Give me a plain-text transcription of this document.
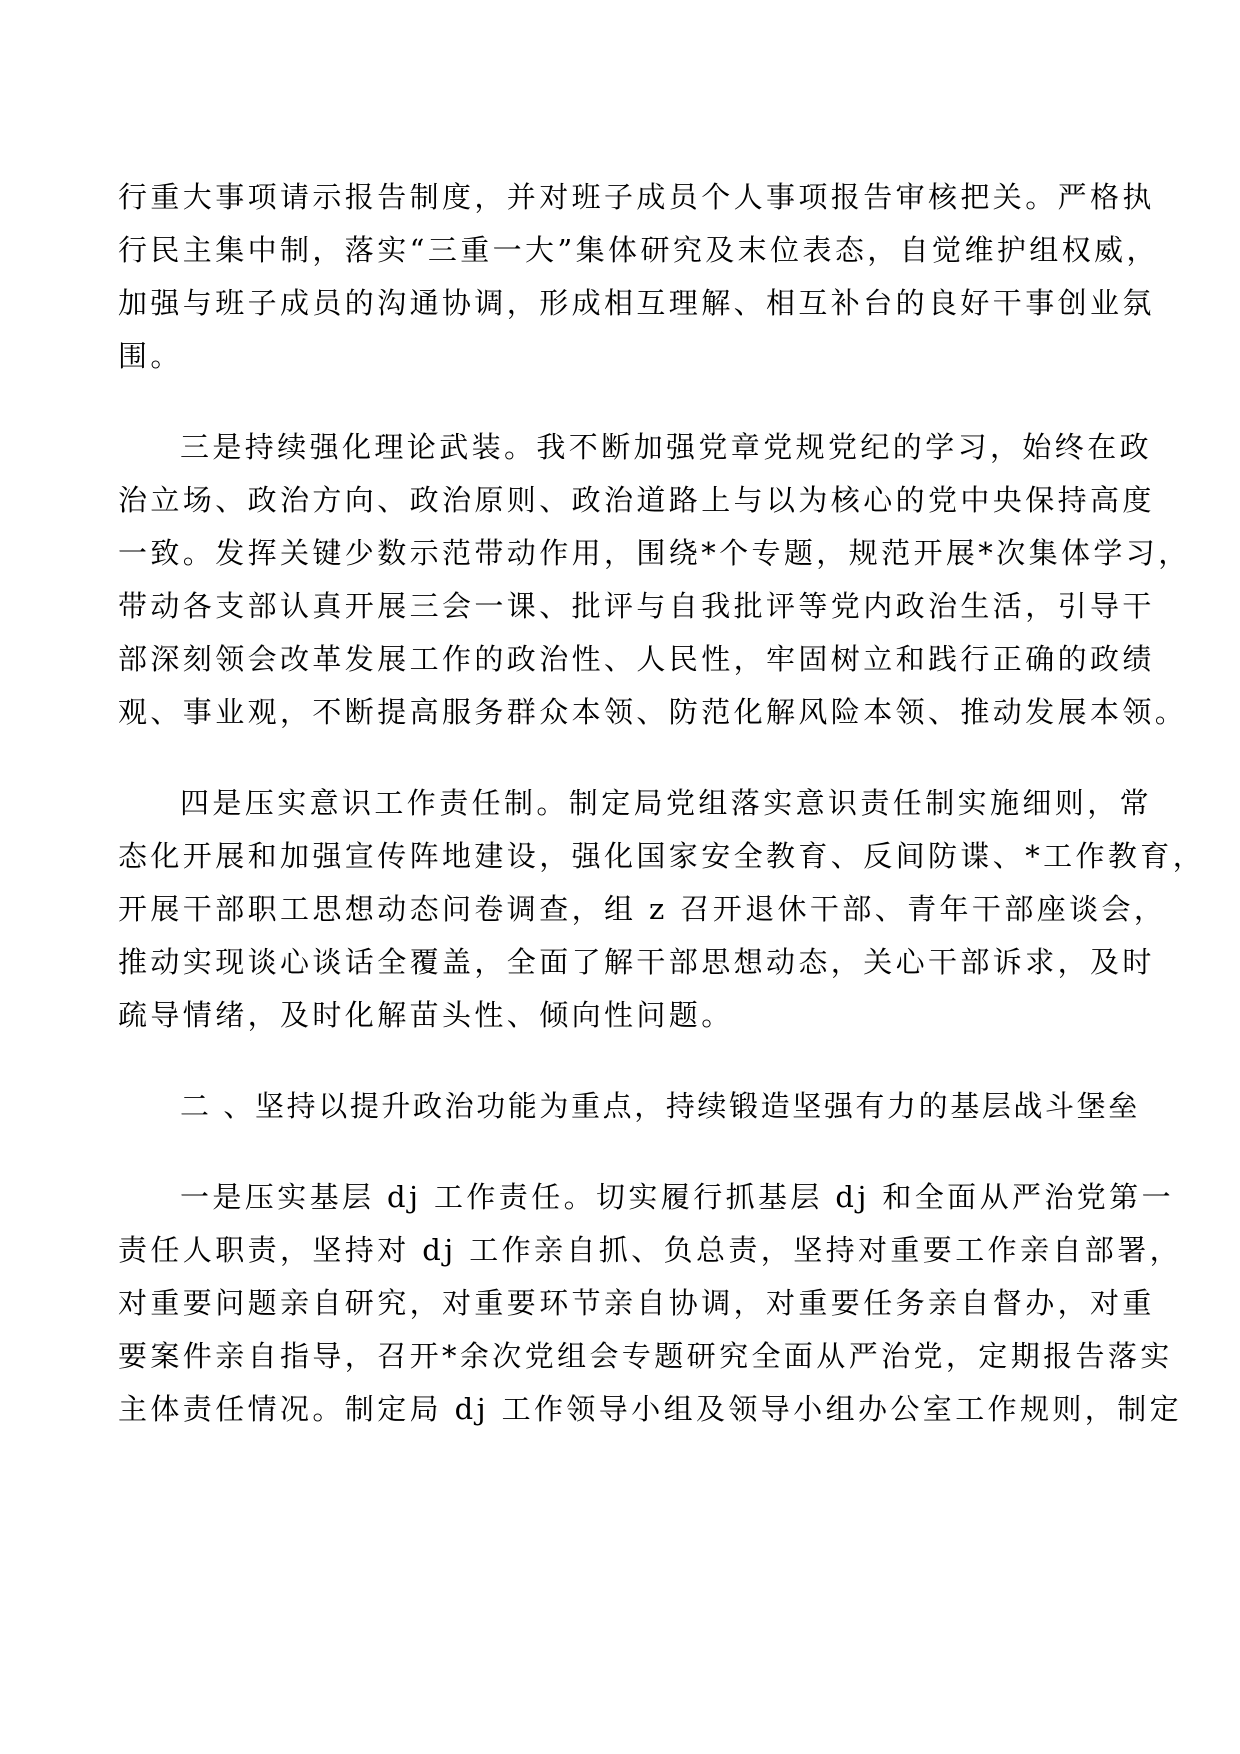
行重大事项请示报告制度，并对班子成员个人事项报告审核把关。严格执
行民主集中制，落实“三重一大”集体研究及末位表态，自觉维护组权威，
加强与班子成员的沟通协调，形成相互理解、相互补台的良好干事创业氛
围。
三是持续强化理论武装。我不断加强党章党规党纪的学习，始终在政
治立场、政治方向、政治原则、政治道路上与以为核心的党中央保持高度
一致。发挥关键少数示范带动作用，围绕*个专题，规范开展*次集体学习，
带动各支部认真开展三会一课、批评与自我批评等党内政治生活，引导干
部深刻领会改革发展工作的政治性、人民性，牢固树立和践行正确的政绩
观、事业观，不断提高服务群众本领、防范化解风险本领、推动发展本领。
四是压实意识工作责任制。制定局党组落实意识责任制实施细则，常
态化开展和加强宣传阵地建设，强化国家安全教育、反间防谍、*工作教育，
开展干部职工思想动态问卷调查，组 z 召开退休干部、青年干部座谈会，
推动实现谈心谈话全覆盖，全面了解干部思想动态，关心干部诉求，及时
疏导情绪，及时化解苗头性、倾向性问题。
二 、坚持以提升政治功能为重点，持续锻造坚强有力的基层战斗堡垒
一是压实基层 dj 工作责任。切实履行抓基层 dj 和全面从严治党第一
责任人职责，坚持对 dj 工作亲自抓、负总责，坚持对重要工作亲自部署，
对重要问题亲自研究，对重要环节亲自协调，对重要任务亲自督办，对重
要案件亲自指导，召开*余次党组会专题研究全面从严治党，定期报告落实
主体责任情况。制定局 dj 工作领导小组及领导小组办公室工作规则，制定
